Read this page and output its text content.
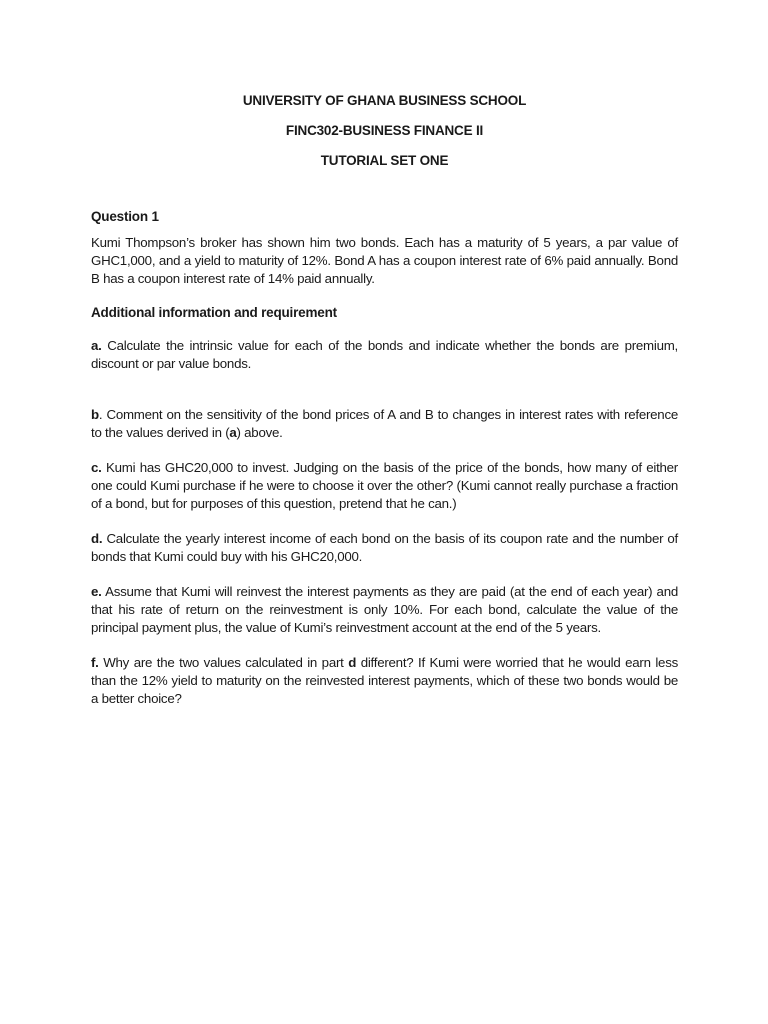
UNIVERSITY OF GHANA BUSINESS SCHOOL
FINC302-BUSINESS FINANCE II
TUTORIAL SET ONE
Question 1

Kumi Thompson’s broker has shown him two bonds. Each has a maturity of 5 years, a par value of GHC1,000, and a yield to maturity of 12%. Bond A has a coupon interest rate of 6% paid annually. Bond B has a coupon interest rate of 14% paid annually.

Additional information and requirement

a. Calculate the intrinsic value for each of the bonds and indicate whether the bonds are premium, discount or par value bonds.

b. Comment on the sensitivity of the bond prices of A and B to changes in interest rates with reference to the values derived in (a) above.

c. Kumi has GHC20,000 to invest. Judging on the basis of the price of the bonds, how many of either one could Kumi purchase if he were to choose it over the other? (Kumi cannot really purchase a fraction of a bond, but for purposes of this question, pretend that he can.)

d. Calculate the yearly interest income of each bond on the basis of its coupon rate and the number of bonds that Kumi could buy with his GHC20,000.

e. Assume that Kumi will reinvest the interest payments as they are paid (at the end of each year) and that his rate of return on the reinvestment is only 10%. For each bond, calculate the value of the principal payment plus, the value of Kumi’s reinvestment account at the end of the 5 years.

f. Why are the two values calculated in part d different? If Kumi were worried that he would earn less than the 12% yield to maturity on the reinvested interest payments, which of these two bonds would be a better choice?
